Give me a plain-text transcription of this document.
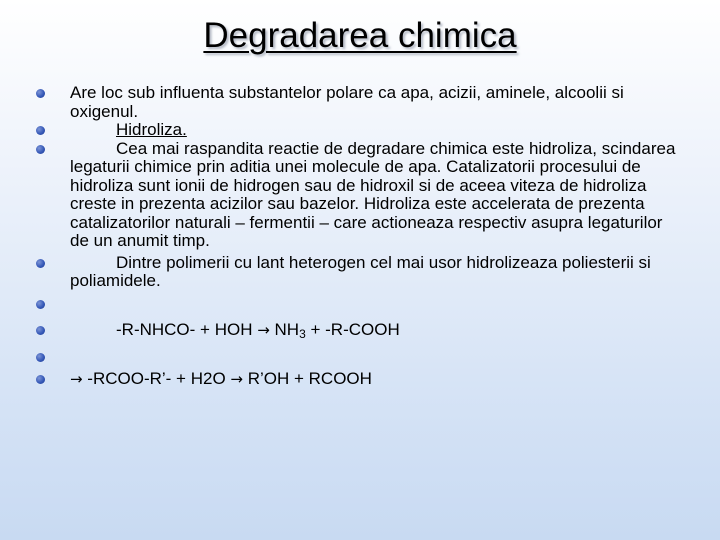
Degradarea chimica
Are loc sub influenta substantelor polare ca apa, acizii, aminele, alcoolii si oxigenul.
Hidroliza.
Cea mai raspandita reactie de degradare chimica este hidroliza, scindarea legaturii chimice prin aditia unei molecule de apa. Catalizatorii procesului de hidroliza sunt ionii de hidrogen sau de hidroxil si de aceea viteza de hidroliza creste in prezenta acizilor sau bazelor. Hidroliza este accelerata de prezenta catalizatorilor naturali – fermentii – care actioneaza respectiv asupra legaturilor de un anumit timp.
Dintre polimerii cu lant heterogen cel mai usor hidrolizeaza poliesterii si poliamidele.
-R-NHCO- + HOH → $NH_3$ + -R-COOH
→ -RCOO-R’- + H2O → R’OH + RCOOH
